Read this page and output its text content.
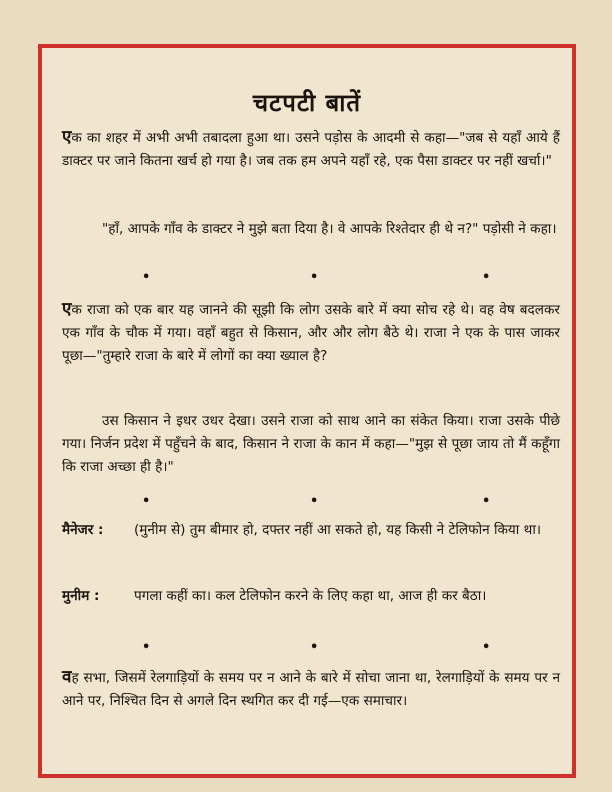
चटपटी बातें

एक का शहर में अभी अभी तबादला हुआ था। उसने पड़ोस के आदमी से कहा—"जब से यहाँ आये हैं डाक्टर पर जाने कितना खर्च हो गया है। जब तक हम अपने यहाँ रहे, एक पैसा डाक्टर पर नहीं खर्चा।"

"हाँ, आपके गाँव के डाक्टर ने मुझे बता दिया है। वे आपके रिश्तेदार ही थे न?" पड़ोसी ने कहा।

•	•	•

एक राजा को एक बार यह जानने की सूझी कि लोग उसके बारे में क्या सोच रहे थे। वह वेष बदलकर एक गाँव के चौक में गया। वहाँ बहुत से किसान, और और लोग बैठे थे। राजा ने एक के पास जाकर पूछा—"तुम्हारे राजा के बारे में लोगों का क्या ख्याल है?

उस किसान ने इधर उधर देखा। उसने राजा को साथ आने का संकेत किया। राजा उसके पीछे गया। निर्जन प्रदेश में पहुँचने के बाद, किसान ने राजा के कान में कहा—"मुझ से पूछा जाय तो मैं कहूँगा कि राजा अच्छा ही है।"

•	•	•
मैनेजर :	(मुनीम से) तुम बीमार हो, दफ्तर नहीं आ सकते हो, यह किसी ने टेलिफोन किया था।
मुनीम :	पगला कहीं का। कल टेलिफोन करने के लिए कहा था, आज ही कर बैठा।
•	•	•

वह सभा, जिसमें रेलगाड़ियों के समय पर न आने के बारे में सोचा जाना था, रेलगाड़ियों के समय पर न आने पर, निश्चित दिन से अगले दिन स्थगित कर दी गई—एक समाचार।
